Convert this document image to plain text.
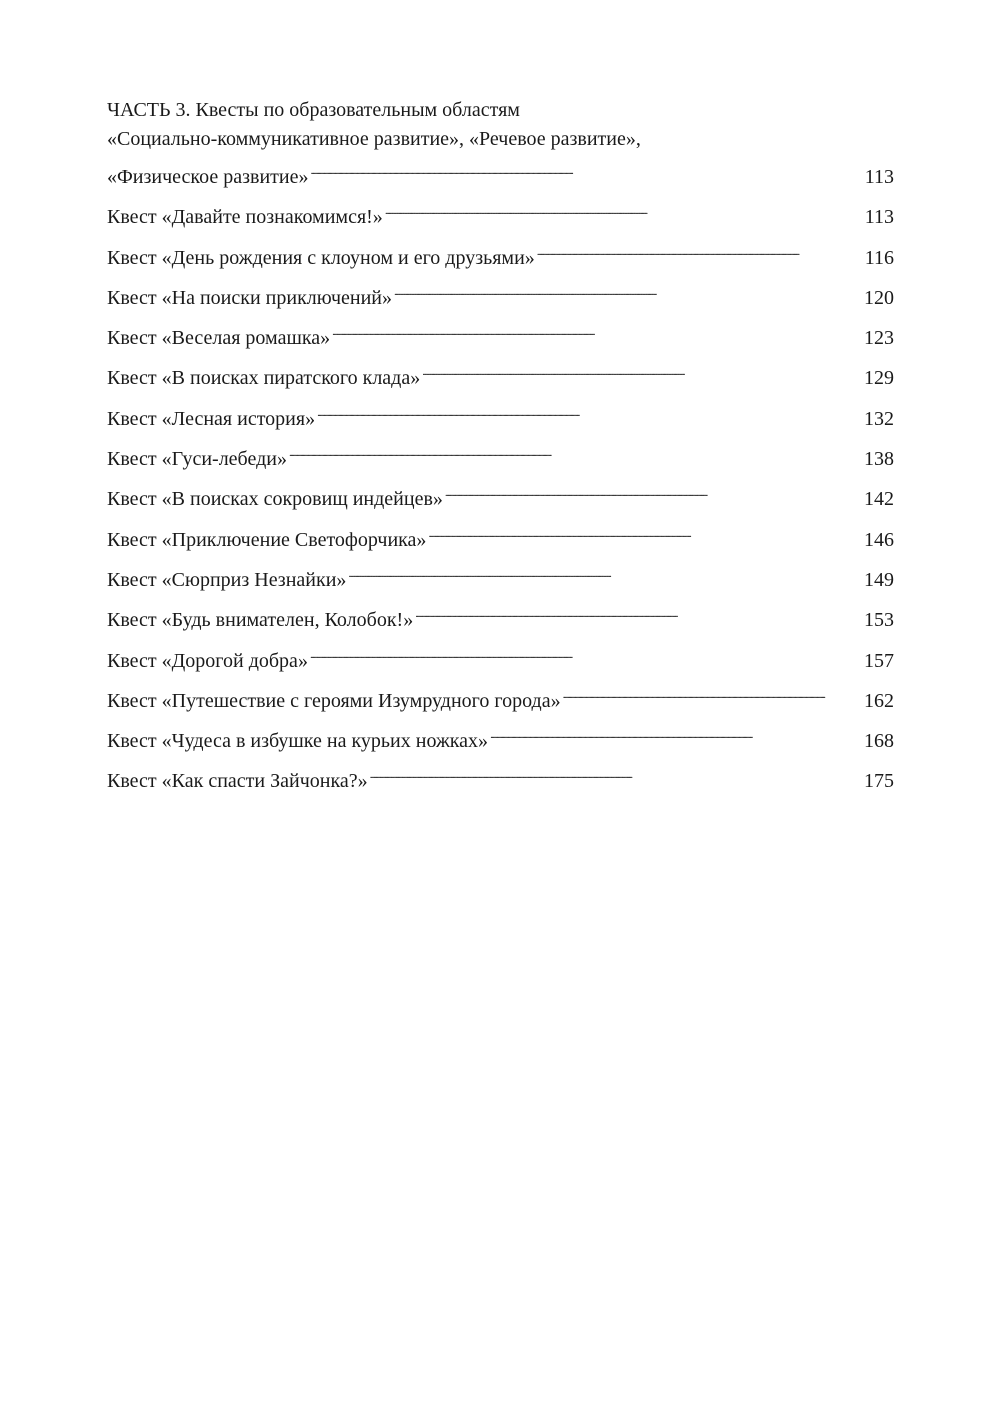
ЧАСТЬ 3. Квесты по образовательным областям
«Социально-коммуникативное развитие», «Речевое развитие»,
«Физическое развитие» . . .	113
Квест «Давайте познакомимся!» . . .	113
Квест «День рождения с клоуном и его друзьями» . . .	116
Квест «На поиски приключений» . . .	120
Квест «Веселая ромашка» . . .	123
Квест «В поисках пиратского клада» . . .	129
Квест «Лесная история» . . .	132
Квест «Гуси-лебеди» . . .	138
Квест «В поисках сокровищ индейцев» . . .	142
Квест «Приключение Светофорчика» . . .	146
Квест «Сюрприз Незнайки» . . .	149
Квест «Будь внимателен, Колобок!» . . .	153
Квест «Дорогой добра» . . .	157
Квест «Путешествие с героями Изумрудного города» . . .	162
Квест «Чудеса в избушке на курьих ножках» . . .	168
Квест «Как спасти Зайчонка?» . . .	175
